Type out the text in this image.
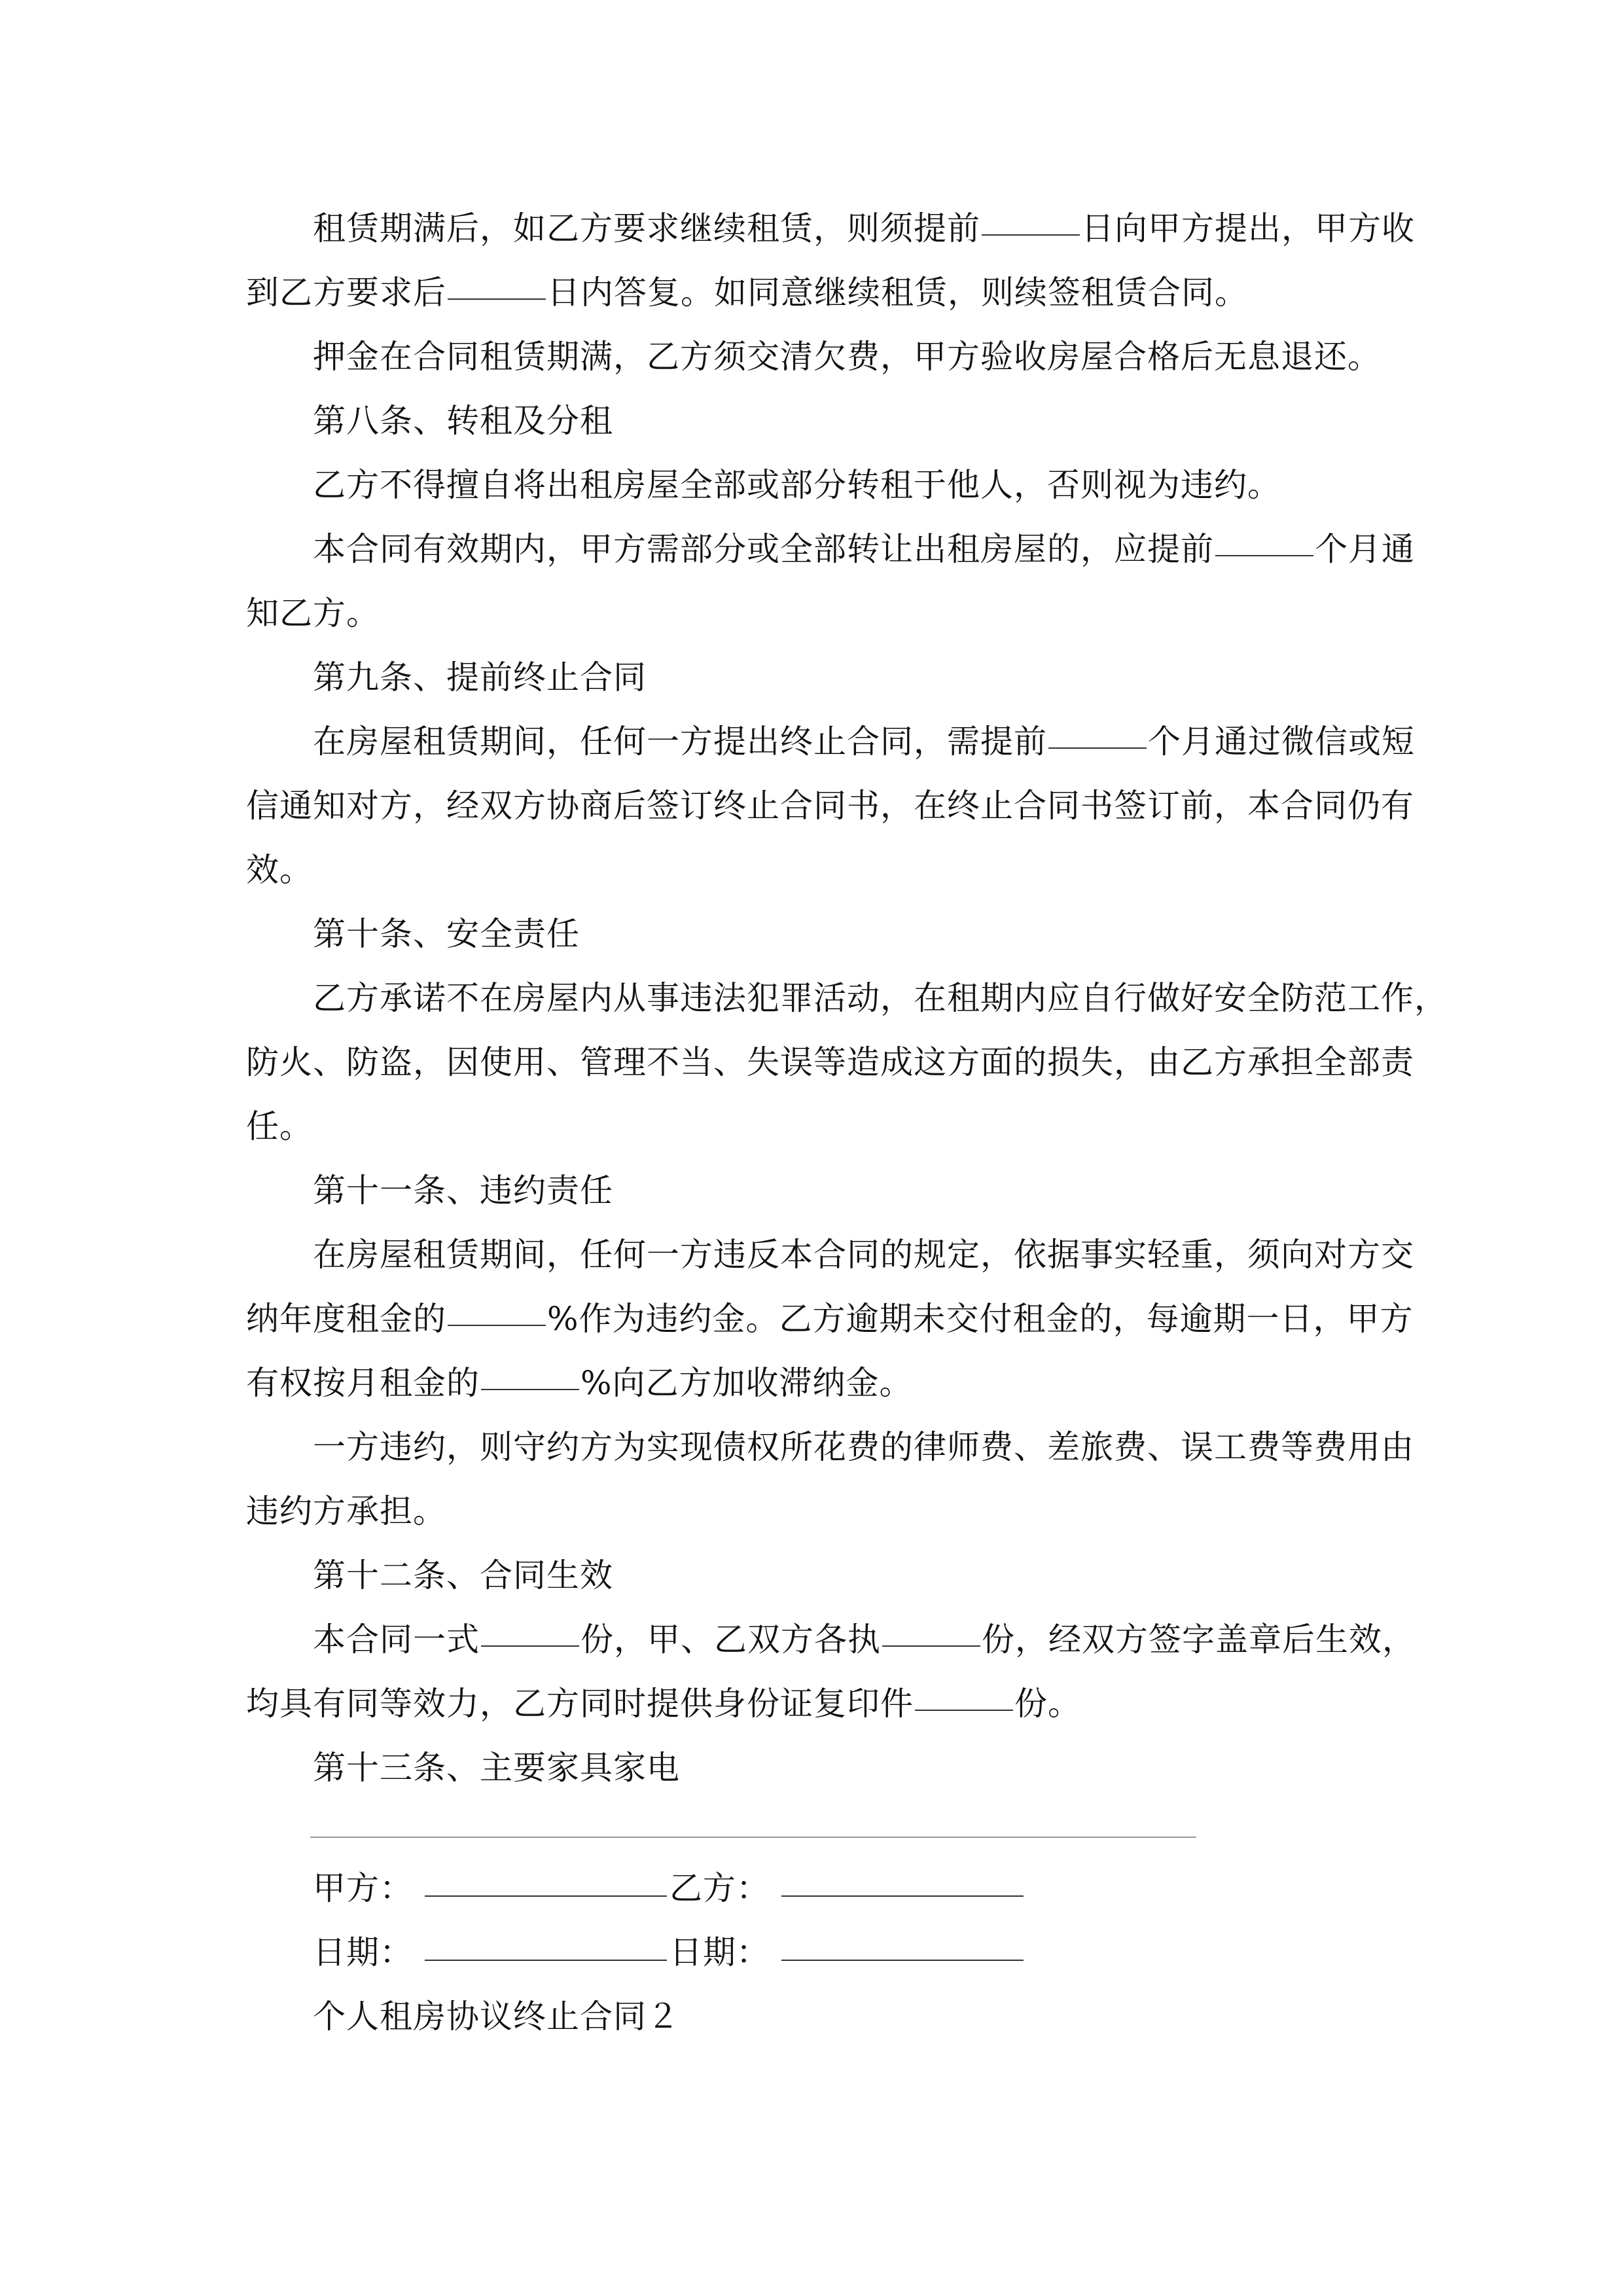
租赁期满后，如乙方要求继续租赁，则须提前	日向甲方提出，甲方收
到乙方要求后	日内答复。如同意继续租赁，则续签租赁合同。
押金在合同租赁期满，乙方须交清欠费，甲方验收房屋合格后无息退还。
第八条、转租及分租
乙方不得擅自将出租房屋全部或部分转租于他人，否则视为违约。
本合同有效期内，甲方需部分或全部转让出租房屋的，应提前	个月通
知乙方。
第九条、提前终止合同
在房屋租赁期间，任何一方提出终止合同，需提前	个月通过微信或短
信通知对方，经双方协商后签订终止合同书，在终止合同书签订前，本合同仍有
效。
第十条、安全责任
乙方承诺不在房屋内从事违法犯罪活动，在租期内应自行做好安全防范工作，
防火、防盗，因使用、管理不当、失误等造成这方面的损失，由乙方承担全部责
任。
第十一条、违约责任
在房屋租赁期间，任何一方违反本合同的规定，依据事实轻重，须向对方交
纳年度租金的	%作为违约金。乙方逾期未交付租金的，每逾期一日，甲方
有权按月租金的	%向乙方加收滞纳金。
一方违约，则守约方为实现债权所花费的律师费、差旅费、误工费等费用由
违约方承担。
第十二条、合同生效
本合同一式	份，甲、乙双方各执	份，经双方签字盖章后生效，
均具有同等效力，乙方同时提供身份证复印件	份。
第十三条、主要家具家电
甲方：	乙方：
日期：	日期：
个人租房协议终止合同２
